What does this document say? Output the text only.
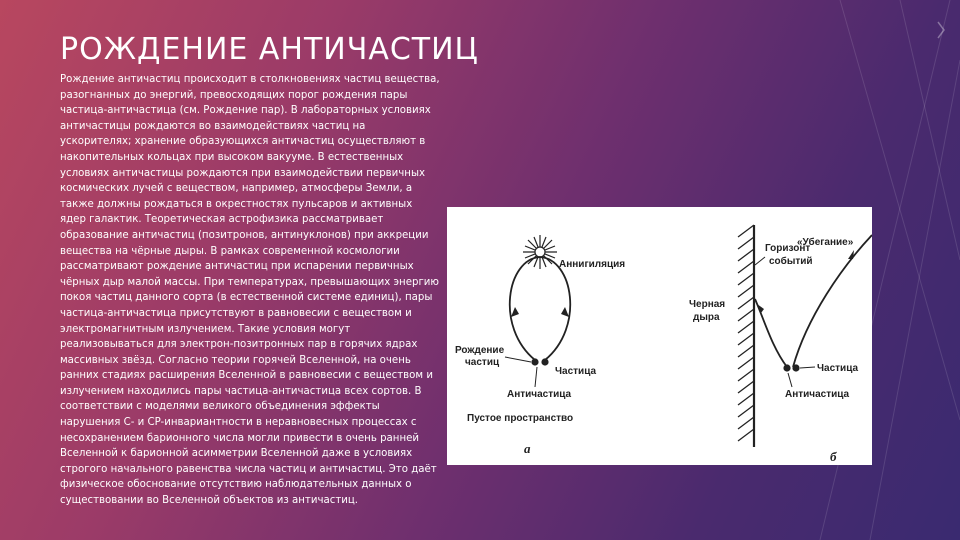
РОЖДЕНИЕ АНТИЧАСТИЦ
Рождение античастиц происходит в столкновениях частиц вещества, разогнанных до энергий, превосходящих порог рождения пары частица-античастица (см. Рождение пар). В лабораторных условиях античастицы рождаются во взаимодействиях частиц на ускорителях; хранение образующихся античастиц осуществляют в накопительных кольцах при высоком вакууме. В естественных условиях античастицы рождаются при взаимодействии первичных космических лучей с веществом, например, атмосферы Земли, а также должны рождаться в окрестностях пульсаров и активных ядер галактик. Теоретическая астрофизика рассматривает образование античастиц (позитронов, антинуклонов) при аккреции вещества на чёрные дыры. В рамках современной космологии рассматривают рождение античастиц при испарении первичных чёрных дыр малой массы. При температурах, превышающих энергию покоя частиц данного сорта (в естественной системе единиц), пары частица-античастица присутствуют в равновесии с веществом и электромагнитным излучением. Такие условия могут реализовываться для электрон-позитронных пар в горячих ядрах массивных звёзд. Согласно теории горячей Вселенной, на очень ранних стадиях расширения Вселенной в равновесии с веществом и излучением находились пары частица-античастица всех сортов. В соответствии с моделями великого объединения эффекты нарушения C- и CP-инвариантности в неравновесных процессах с несохранением барионного числа могли привести в очень ранней Вселенной к барионной асимметрии Вселенной даже в условиях строгого начального равенства числа частиц и античастиц. Это даёт физическое обоснование отсутствию наблюдательных данных о существовании во Вселенной объектов из античастиц.
Аннигиляция
Рождение
частиц
Частица
Античастица
Пустое пространство
а
Горизонт
событий
«Убегание»
Черная
дыра
Частица
Античастица
б
